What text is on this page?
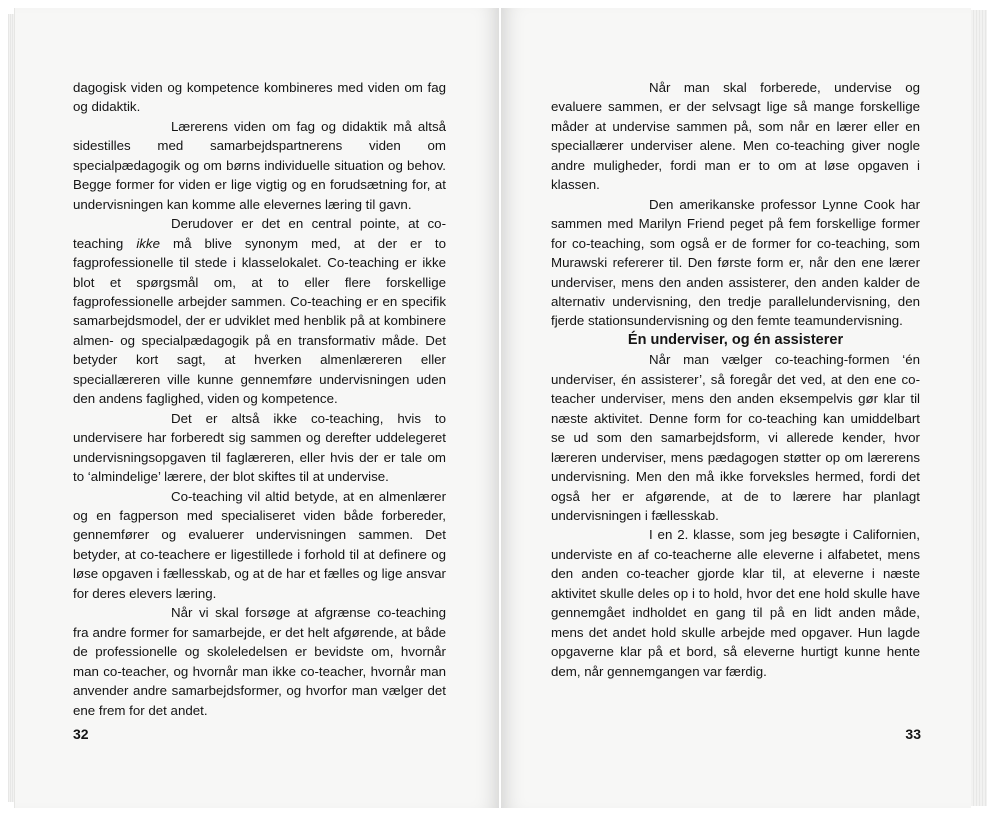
dagogisk viden og kompetence kombineres med viden om fag og didaktik.

Lærerens viden om fag og didaktik må altså sidestilles med samarbejdspartnerens viden om specialpædagogik og om børns individuelle situation og behov. Begge former for viden er lige vigtig og en forudsætning for, at undervisningen kan komme alle elevernes læring til gavn.

Derudover er det en central pointe, at co-teaching ikke må blive synonym med, at der er to fagprofessionelle til stede i klasselokalet. Co-teaching er ikke blot et spørgsmål om, at to eller flere forskellige fagprofessionelle arbejder sammen. Co-teaching er en specifik samarbejdsmodel, der er udviklet med henblik på at kombinere almen- og specialpædagogik på en transformativ måde. Det betyder kort sagt, at hverken almenlæreren eller speciallæreren ville kunne gennemføre undervisningen uden den andens faglighed, viden og kompetence.

Det er altså ikke co-teaching, hvis to undervisere har forberedt sig sammen og derefter uddelegeret undervisningsopgaven til faglæreren, eller hvis der er tale om to ‘almindelige’ lærere, der blot skiftes til at undervise.

Co-teaching vil altid betyde, at en almenlærer og en fagperson med specialiseret viden både forbereder, gennemfører og evaluerer undervisningen sammen. Det betyder, at co-teachere er ligestillede i forhold til at definere og løse opgaven i fællesskab, og at de har et fælles og lige ansvar for deres elevers læring.

Når vi skal forsøge at afgrænse co-teaching fra andre former for samarbejde, er det helt afgørende, at både de professionelle og skoleledelsen er bevidste om, hvornår man co-teacher, og hvornår man ikke co-teacher, hvornår man anvender andre samarbejdsformer, og hvorfor man vælger det ene frem for det andet.

32

Når man skal forberede, undervise og evaluere sammen, er der selvsagt lige så mange forskellige måder at undervise sammen på, som når en lærer eller en speciallærer underviser alene. Men co-teaching giver nogle andre muligheder, fordi man er to om at løse opgaven i klassen.

Den amerikanske professor Lynne Cook har sammen med Marilyn Friend peget på fem forskellige former for co-teaching, som også er de former for co-teaching, som Murawski refererer til. Den første form er, når den ene lærer underviser, mens den anden assisterer, den anden kalder de alternativ undervisning, den tredje parallelundervisning, den fjerde stationsundervisning og den femte teamundervisning.

Én underviser, og én assisterer

Når man vælger co-teaching-formen ‘én underviser, én assisterer’, så foregår det ved, at den ene co-teacher underviser, mens den anden eksempelvis gør klar til næste aktivitet. Denne form for co-teaching kan umiddelbart se ud som den samarbejdsform, vi allerede kender, hvor læreren underviser, mens pædagogen støtter op om lærerens undervisning. Men den må ikke forveksles hermed, fordi det også her er afgørende, at de to lærere har planlagt undervisningen i fællesskab.

I en 2. klasse, som jeg besøgte i Californien, underviste en af co-teacherne alle eleverne i alfabetet, mens den anden co-teacher gjorde klar til, at eleverne i næste aktivitet skulle deles op i to hold, hvor det ene hold skulle have gennemgået indholdet en gang til på en lidt anden måde, mens det andet hold skulle arbejde med opgaver. Hun lagde opgaverne klar på et bord, så eleverne hurtigt kunne hente dem, når gennemgangen var færdig.

33
